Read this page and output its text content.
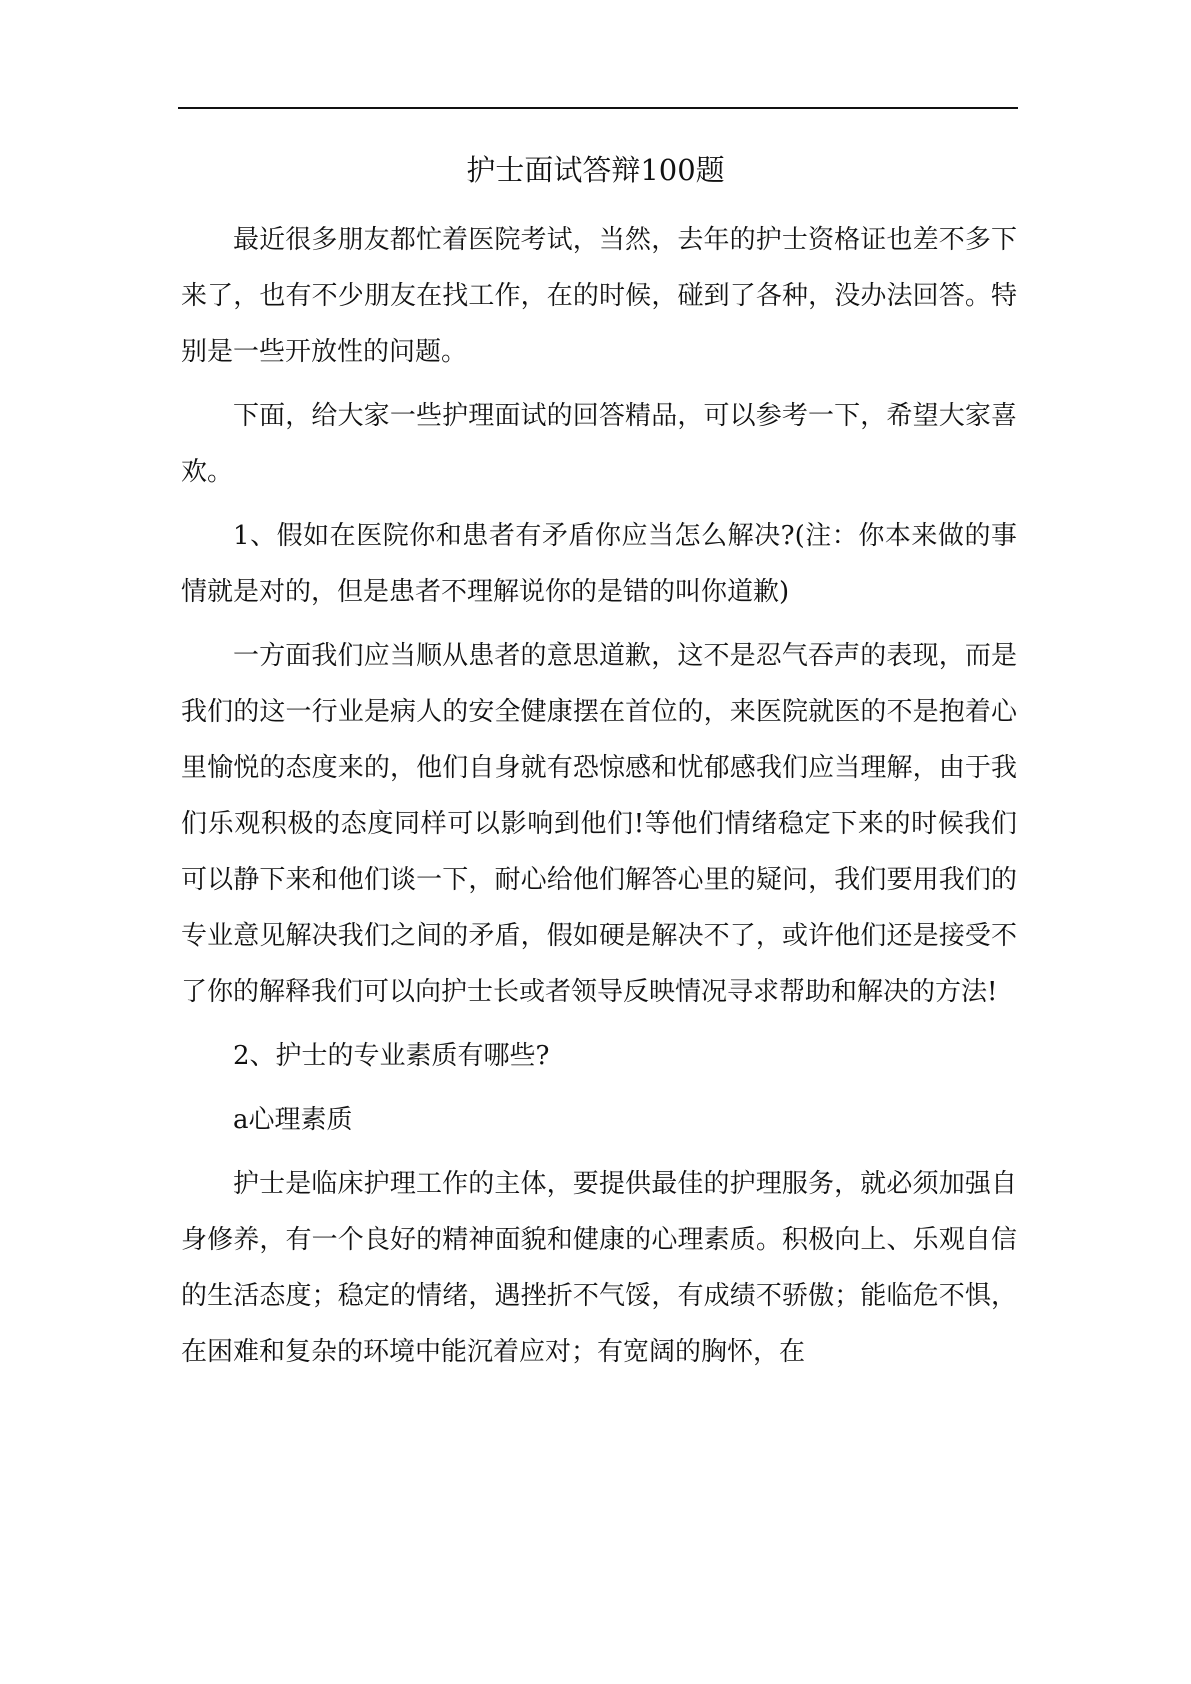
护士面试答辩100题

最近很多朋友都忙着医院考试，当然，去年的护士资格证也差不多下来了，也有不少朋友在找工作，在的时候，碰到了各种，没办法回答。特别是一些开放性的问题。

下面，给大家一些护理面试的回答精品，可以参考一下，希望大家喜欢。

1、假如在医院你和患者有矛盾你应当怎么解决?(注：你本来做的事情就是对的，但是患者不理解说你的是错的叫你道歉)

一方面我们应当顺从患者的意思道歉，这不是忍气吞声的表现，而是我们的这一行业是病人的安全健康摆在首位的，来医院就医的不是抱着心里愉悦的态度来的，他们自身就有恐惊感和忧郁感我们应当理解，由于我们乐观积极的态度同样可以影响到他们!等他们情绪稳定下来的时候我们可以静下来和他们谈一下，耐心给他们解答心里的疑问，我们要用我们的专业意见解决我们之间的矛盾，假如硬是解决不了，或许他们还是接受不了你的解释我们可以向护士长或者领导反映情况寻求帮助和解决的方法!

2、护士的专业素质有哪些?

a心理素质

护士是临床护理工作的主体，要提供最佳的护理服务，就必须加强自身修养，有一个良好的精神面貌和健康的心理素质。积极向上、乐观自信的生活态度；稳定的情绪，遇挫折不气馁，有成绩不骄傲；能临危不惧，在困难和复杂的环境中能沉着应对；有宽阔的胸怀，在
